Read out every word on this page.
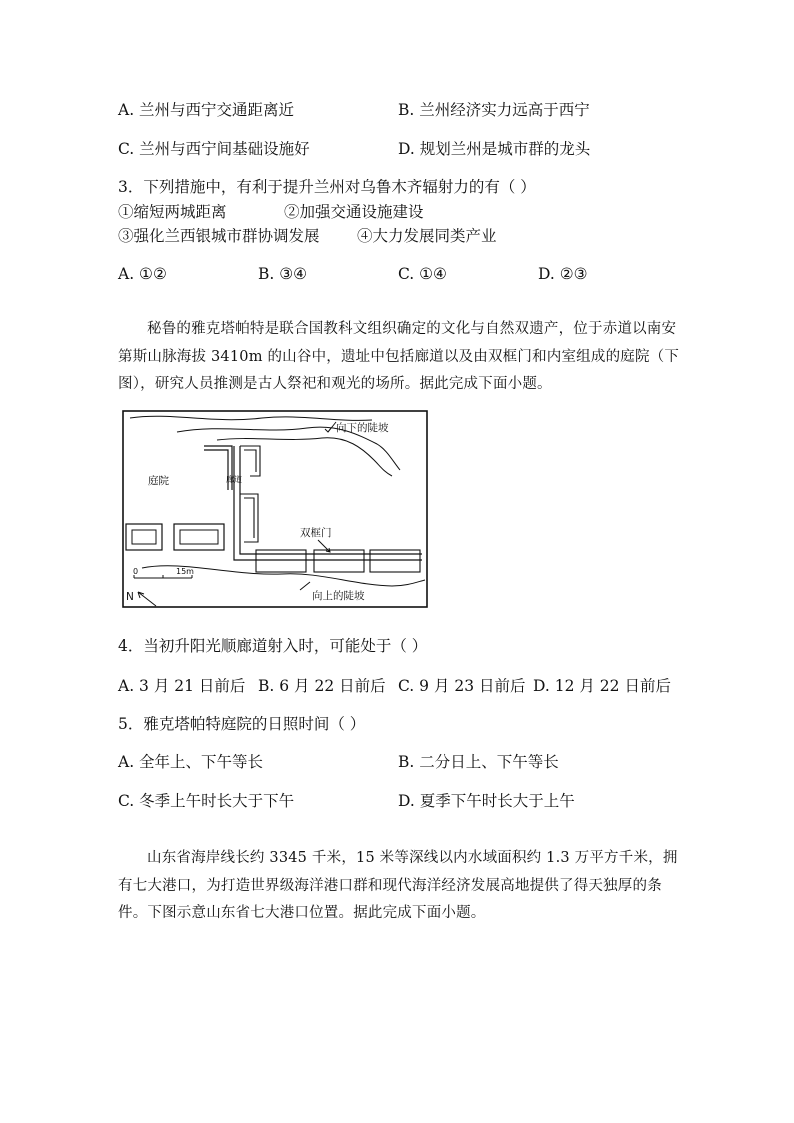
A. 兰州与西宁交通距离近	B. 兰州经济实力远高于西宁
C. 兰州与西宁间基础设施好	D. 规划兰州是城市群的龙头
3．下列措施中，有利于提升兰州对乌鲁木齐辐射力的有（ ）
①缩短两城距离	②加强交通设施建设
③强化兰西银城市群协调发展 ④大力发展同类产业
A. ①②	B. ③④	C. ①④	D. ②③

秘鲁的雅克塔帕特是联合国教科文组织确定的文化与自然双遗产，位于赤道以南安第斯山脉海拔 3410m 的山谷中，遗址中包括廊道以及由双框门和内室组成的庭院（下图），研究人员推测是古人祭祀和观光的场所。据此完成下面小题。

向下的陡坡
向上的陡坡
庭院	廊道
双框门
0	15m
N
4．当初升阳光顺廊道射入时，可能处于（ ）
A. 3 月 21 日前后 B. 6 月 22 日前后 C. 9 月 23 日前后 D. 12 月 22 日前后
5．雅克塔帕特庭院的日照时间（ ）
A. 全年上、下午等长	B. 二分日上、下午等长
C. 冬季上午时长大于下午	D. 夏季下午时长大于上午

山东省海岸线长约 3345 千米，15 米等深线以内水域面积约 1.3 万平方千米，拥有七大港口，为打造世界级海洋港口群和现代海洋经济发展高地提供了得天独厚的条件。下图示意山东省七大港口位置。据此完成下面小题。
